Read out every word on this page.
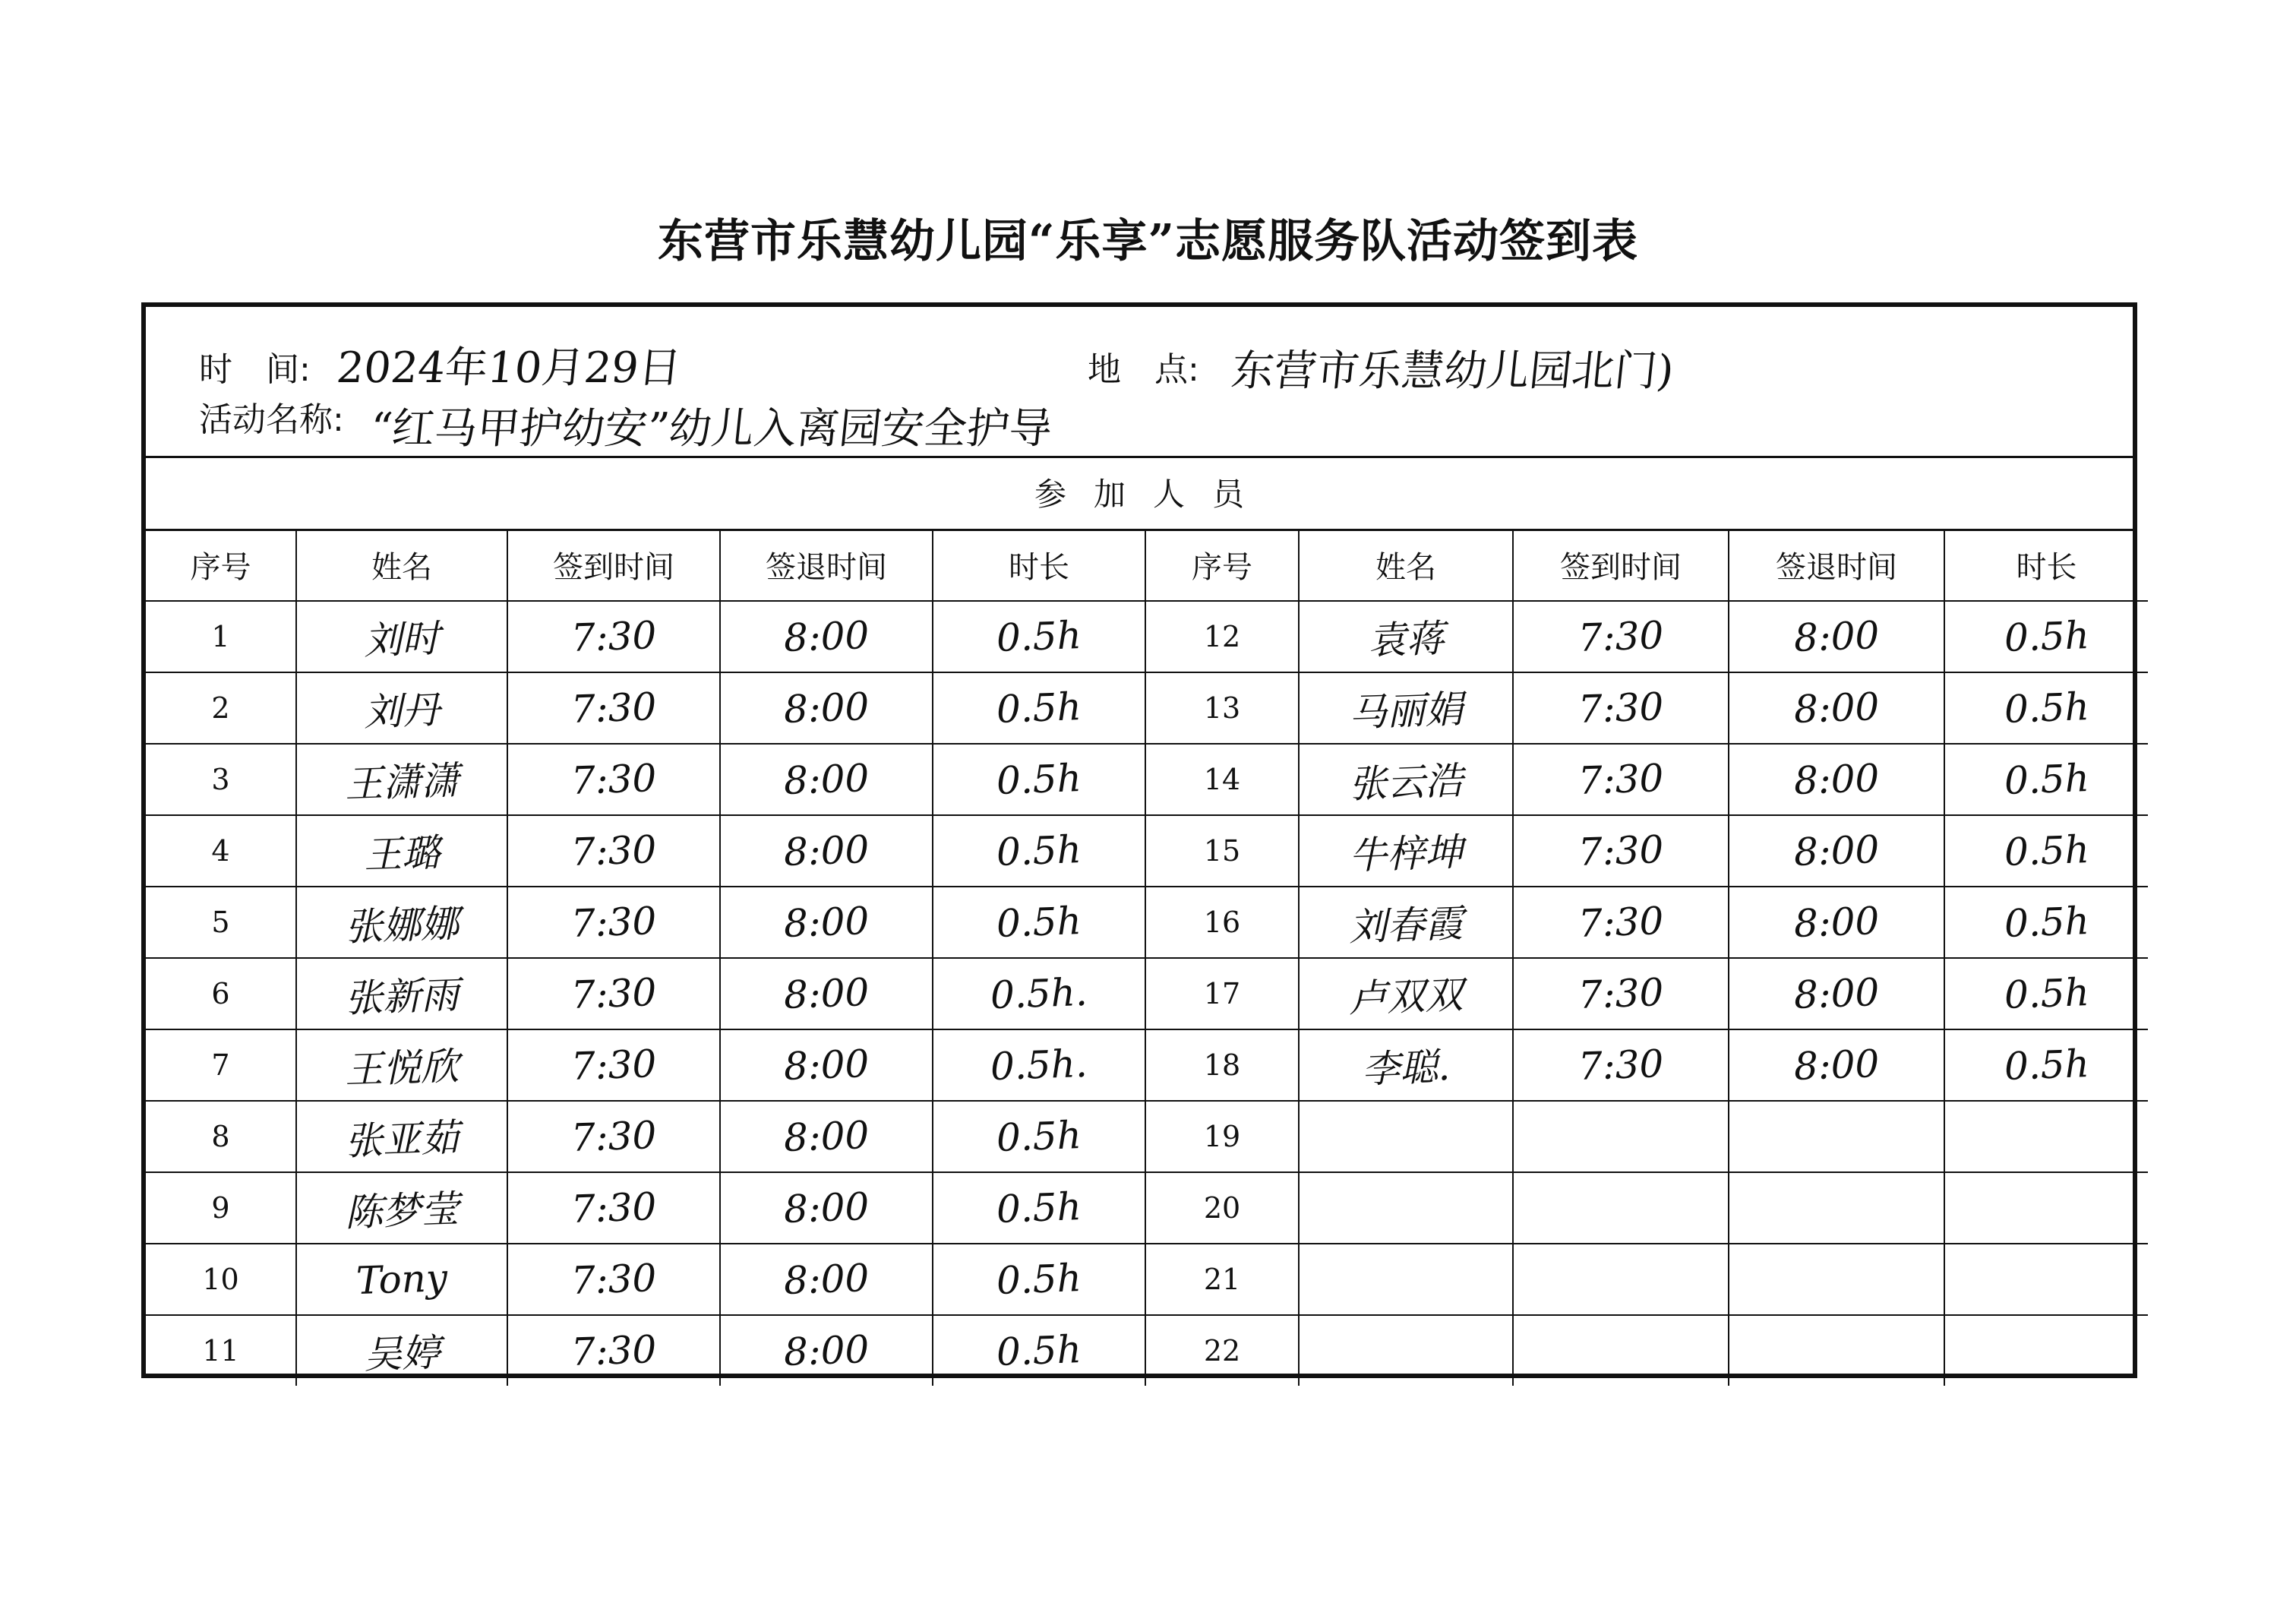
东营市乐慧幼儿园“乐享”志愿服务队活动签到表
时　间: 2024年10月29日	地　点: 东营市乐慧幼儿园北门)
活动名称: “红马甲护幼安”幼儿入离园安全护导
参加人员
序号	姓名	签到时间	签退时间	时长	序号	姓名	签到时间	签退时间	时长
1	刘时	7:30	8:00	0.5h	12	袁蒋	7:30	8:00	0.5h
2	刘丹	7:30	8:00	0.5h	13	马丽娟	7:30	8:00	0.5h
3	王潇潇	7:30	8:00	0.5h	14	张云浩	7:30	8:00	0.5h
4	王璐	7:30	8:00	0.5h	15	牛梓坤	7:30	8:00	0.5h
5	张娜娜	7:30	8:00	0.5h	16	刘春霞	7:30	8:00	0.5h
6	张新雨	7:30	8:00	0.5h.	17	卢双双	7:30	8:00	0.5h
7	王悦欣	7:30	8:00	0.5h.	18	李聪.	7:30	8:00	0.5h
8	张亚茹	7:30	8:00	0.5h	19				
9	陈梦莹	7:30	8:00	0.5h	20				
10	Tony	7:30	8:00	0.5h	21				
11	吴婷	7:30	8:00	0.5h	22				
